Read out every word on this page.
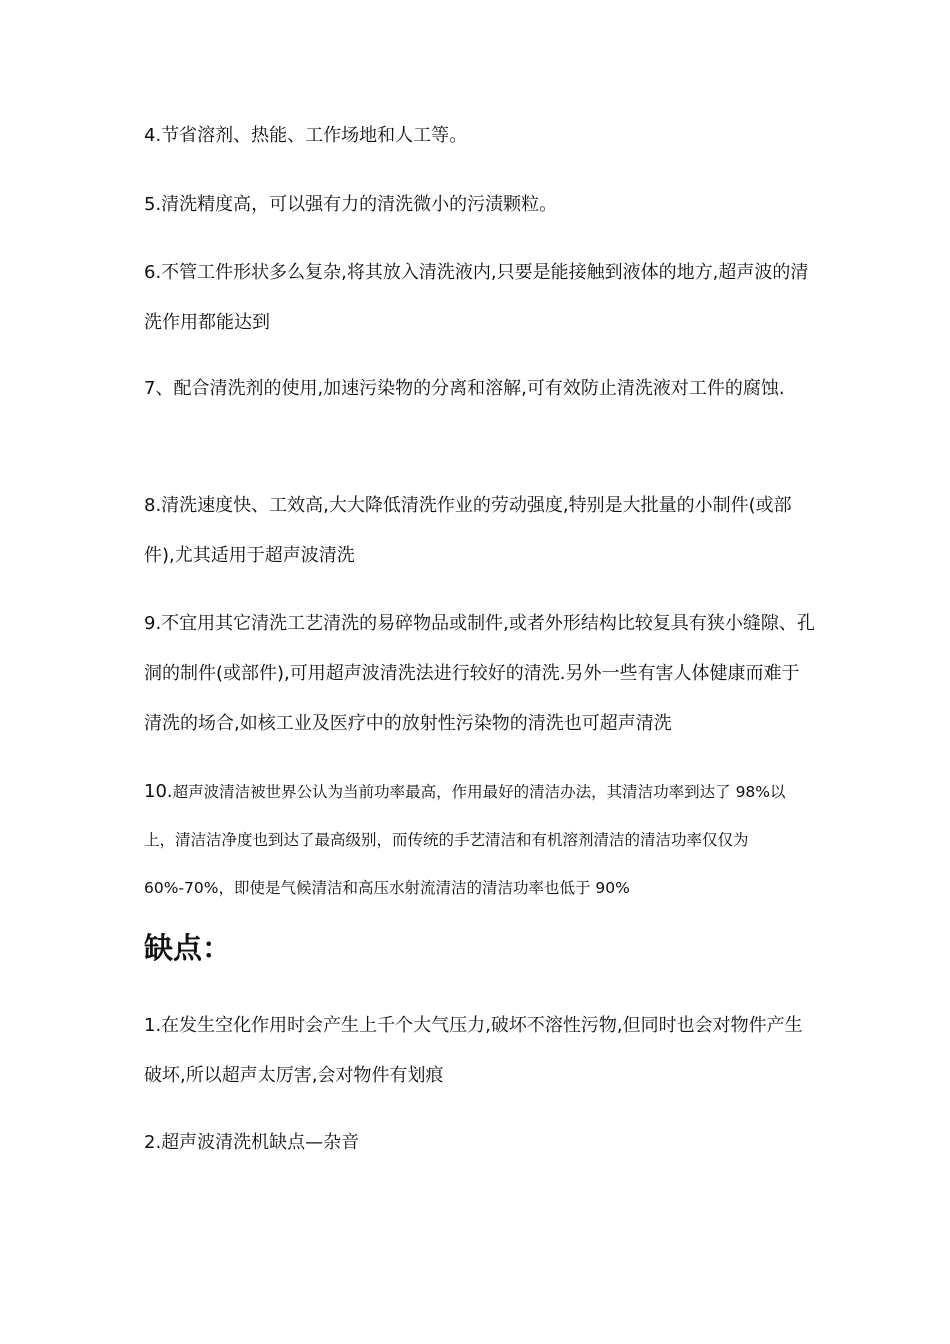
4.节省溶剂、热能、工作场地和人工等。

5.清洗精度高，可以强有力的清洗微小的污渍颗粒。

6.不管工件形状多么复杂,将其放入清洗液内,只要是能接触到液体的地方,超声波的清洗作用都能达到

7、配合清洗剂的使用,加速污染物的分离和溶解,可有效防止清洗液对工件的腐蚀.

8.清洗速度快、工效高,大大降低清洗作业的劳动强度,特别是大批量的小制件(或部件),尤其适用于超声波清洗

9.不宜用其它清洗工艺清洗的易碎物品或制件,或者外形结构比较复具有狭小缝隙、孔洞的制件(或部件),可用超声波清洗法进行较好的清洗.另外一些有害人体健康而难于清洗的场合,如核工业及医疗中的放射性污染物的清洗也可超声清洗

10.超声波清洁被世界公认为当前功率最高，作用最好的清洁办法，其清洁功率到达了 98%以上，清洁洁净度也到达了最高级别，而传统的手艺清洁和有机溶剂清洁的清洁功率仅仅为 60%-70%，即使是气候清洁和高压水射流清洁的清洁功率也低于 90%

缺点：

1.在发生空化作用时会产生上千个大气压力,破坏不溶性污物,但同时也会对物件产生破坏,所以超声太厉害,会对物件有划痕

2.超声波清洗机缺点—杂音
